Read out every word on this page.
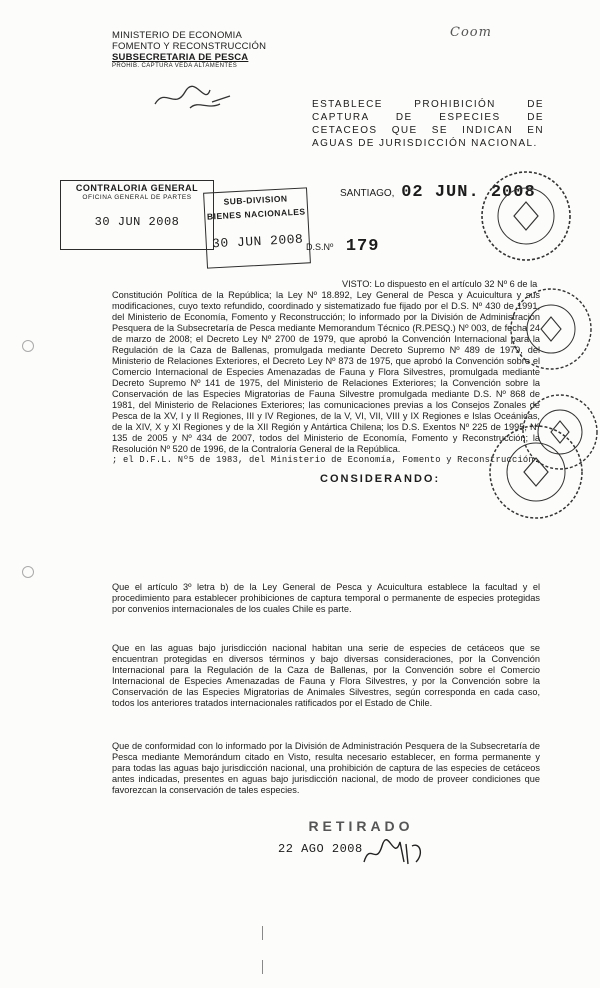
MINISTERIO DE ECONOMIA
FOMENTO Y RECONSTRUCCIÓN
SUBSECRETARIA DE PESCA
PROHIB. CAPTURA VEDA ALTAMENTES
Coom
ESTABLECE PROHIBICIÓN DE CAPTURA DE ESPECIES DE CETACEOS QUE SE INDICAN EN AGUAS DE JURISDICCIÓN NACIONAL.
CONTRALORIA GENERAL
OFICINA GENERAL DE PARTES
30 JUN 2008
SUB-DIVISION
BIENES NACIONALES
30 JUN 2008
SANTIAGO, 02 JUN. 2008
D.S.Nº 179

VISTO: Lo dispuesto en el artículo 32 Nº 6 de la

Constitución Política de la República; la Ley Nº 18.892, Ley General de Pesca y Acuicultura y sus modificaciones, cuyo texto refundido, coordinado y sistematizado fue fijado por el D.S. Nº 430 de 1991, del Ministerio de Economía, Fomento y Reconstrucción; lo informado por la División de Administración Pesquera de la Subsecretaría de Pesca mediante Memorandum Técnico (R.PESQ.) Nº 003, de fecha 24 de marzo de 2008; el Decreto Ley Nº 2700 de 1979, que aprobó la Convención Internacional para la Regulación de la Caza de Ballenas, promulgada mediante Decreto Supremo Nº 489 de 1979, del Ministerio de Relaciones Exteriores, el Decreto Ley Nº 873 de 1975, que aprobó la Convención sobre el Comercio Internacional de Especies Amenazadas de Fauna y Flora Silvestres, promulgada mediante Decreto Supremo Nº 141 de 1975, del Ministerio de Relaciones Exteriores; la Convención sobre la Conservación de las Especies Migratorias de Fauna Silvestre promulgada mediante D.S. Nº 868 de 1981, del Ministerio de Relaciones Exteriores; las comunicaciones previas a los Consejos Zonales de Pesca de la XV, I y II Regiones, III y IV Regiones, de la V, VI, VII, VIII y IX Regiones e Islas Oceánicas, de la XIV, X y XI Regiones y de la XII Región y Antártica Chilena; los D.S. Exentos Nº 225 de 1995, Nº 135 de 2005 y Nº 434 de 2007, todos del Ministerio de Economía, Fomento y Reconstrucción; la Resolución Nº 520 de 1996, de la Contraloría General de la República.

; el D.F.L. Nº5 de 1983, del Ministerio de Economía, Fomento y Reconstrucción.

CONSIDERANDO:

Que el artículo 3º letra b) de la Ley General de Pesca y Acuicultura establece la facultad y el procedimiento para establecer prohibiciones de captura temporal o permanente de especies protegidas por convenios internacionales de los cuales Chile es parte.

Que en las aguas bajo jurisdicción nacional habitan una serie de especies de cetáceos que se encuentran protegidas en diversos términos y bajo diversas consideraciones, por la Convención Internacional para la Regulación de la Caza de Ballenas, por la Convención sobre el Comercio Internacional de Especies Amenazadas de Fauna y Flora Silvestres, y por la Convención sobre la Conservación de las Especies Migratorias de Animales Silvestres, según corresponda en cada caso, todos los anteriores tratados internacionales ratificados por el Estado de Chile.

Que de conformidad con lo informado por la División de Administración Pesquera de la Subsecretaría de Pesca mediante Memorándum citado en Visto, resulta necesario establecer, en forma permanente y para todas las aguas bajo jurisdicción nacional, una prohibición de captura de las especies de cetáceos antes indicadas, presentes en aguas bajo jurisdicción nacional, de modo de proveer condiciones que favorezcan la conservación de tales especies.

RETIRADO
22 AGO 2008
